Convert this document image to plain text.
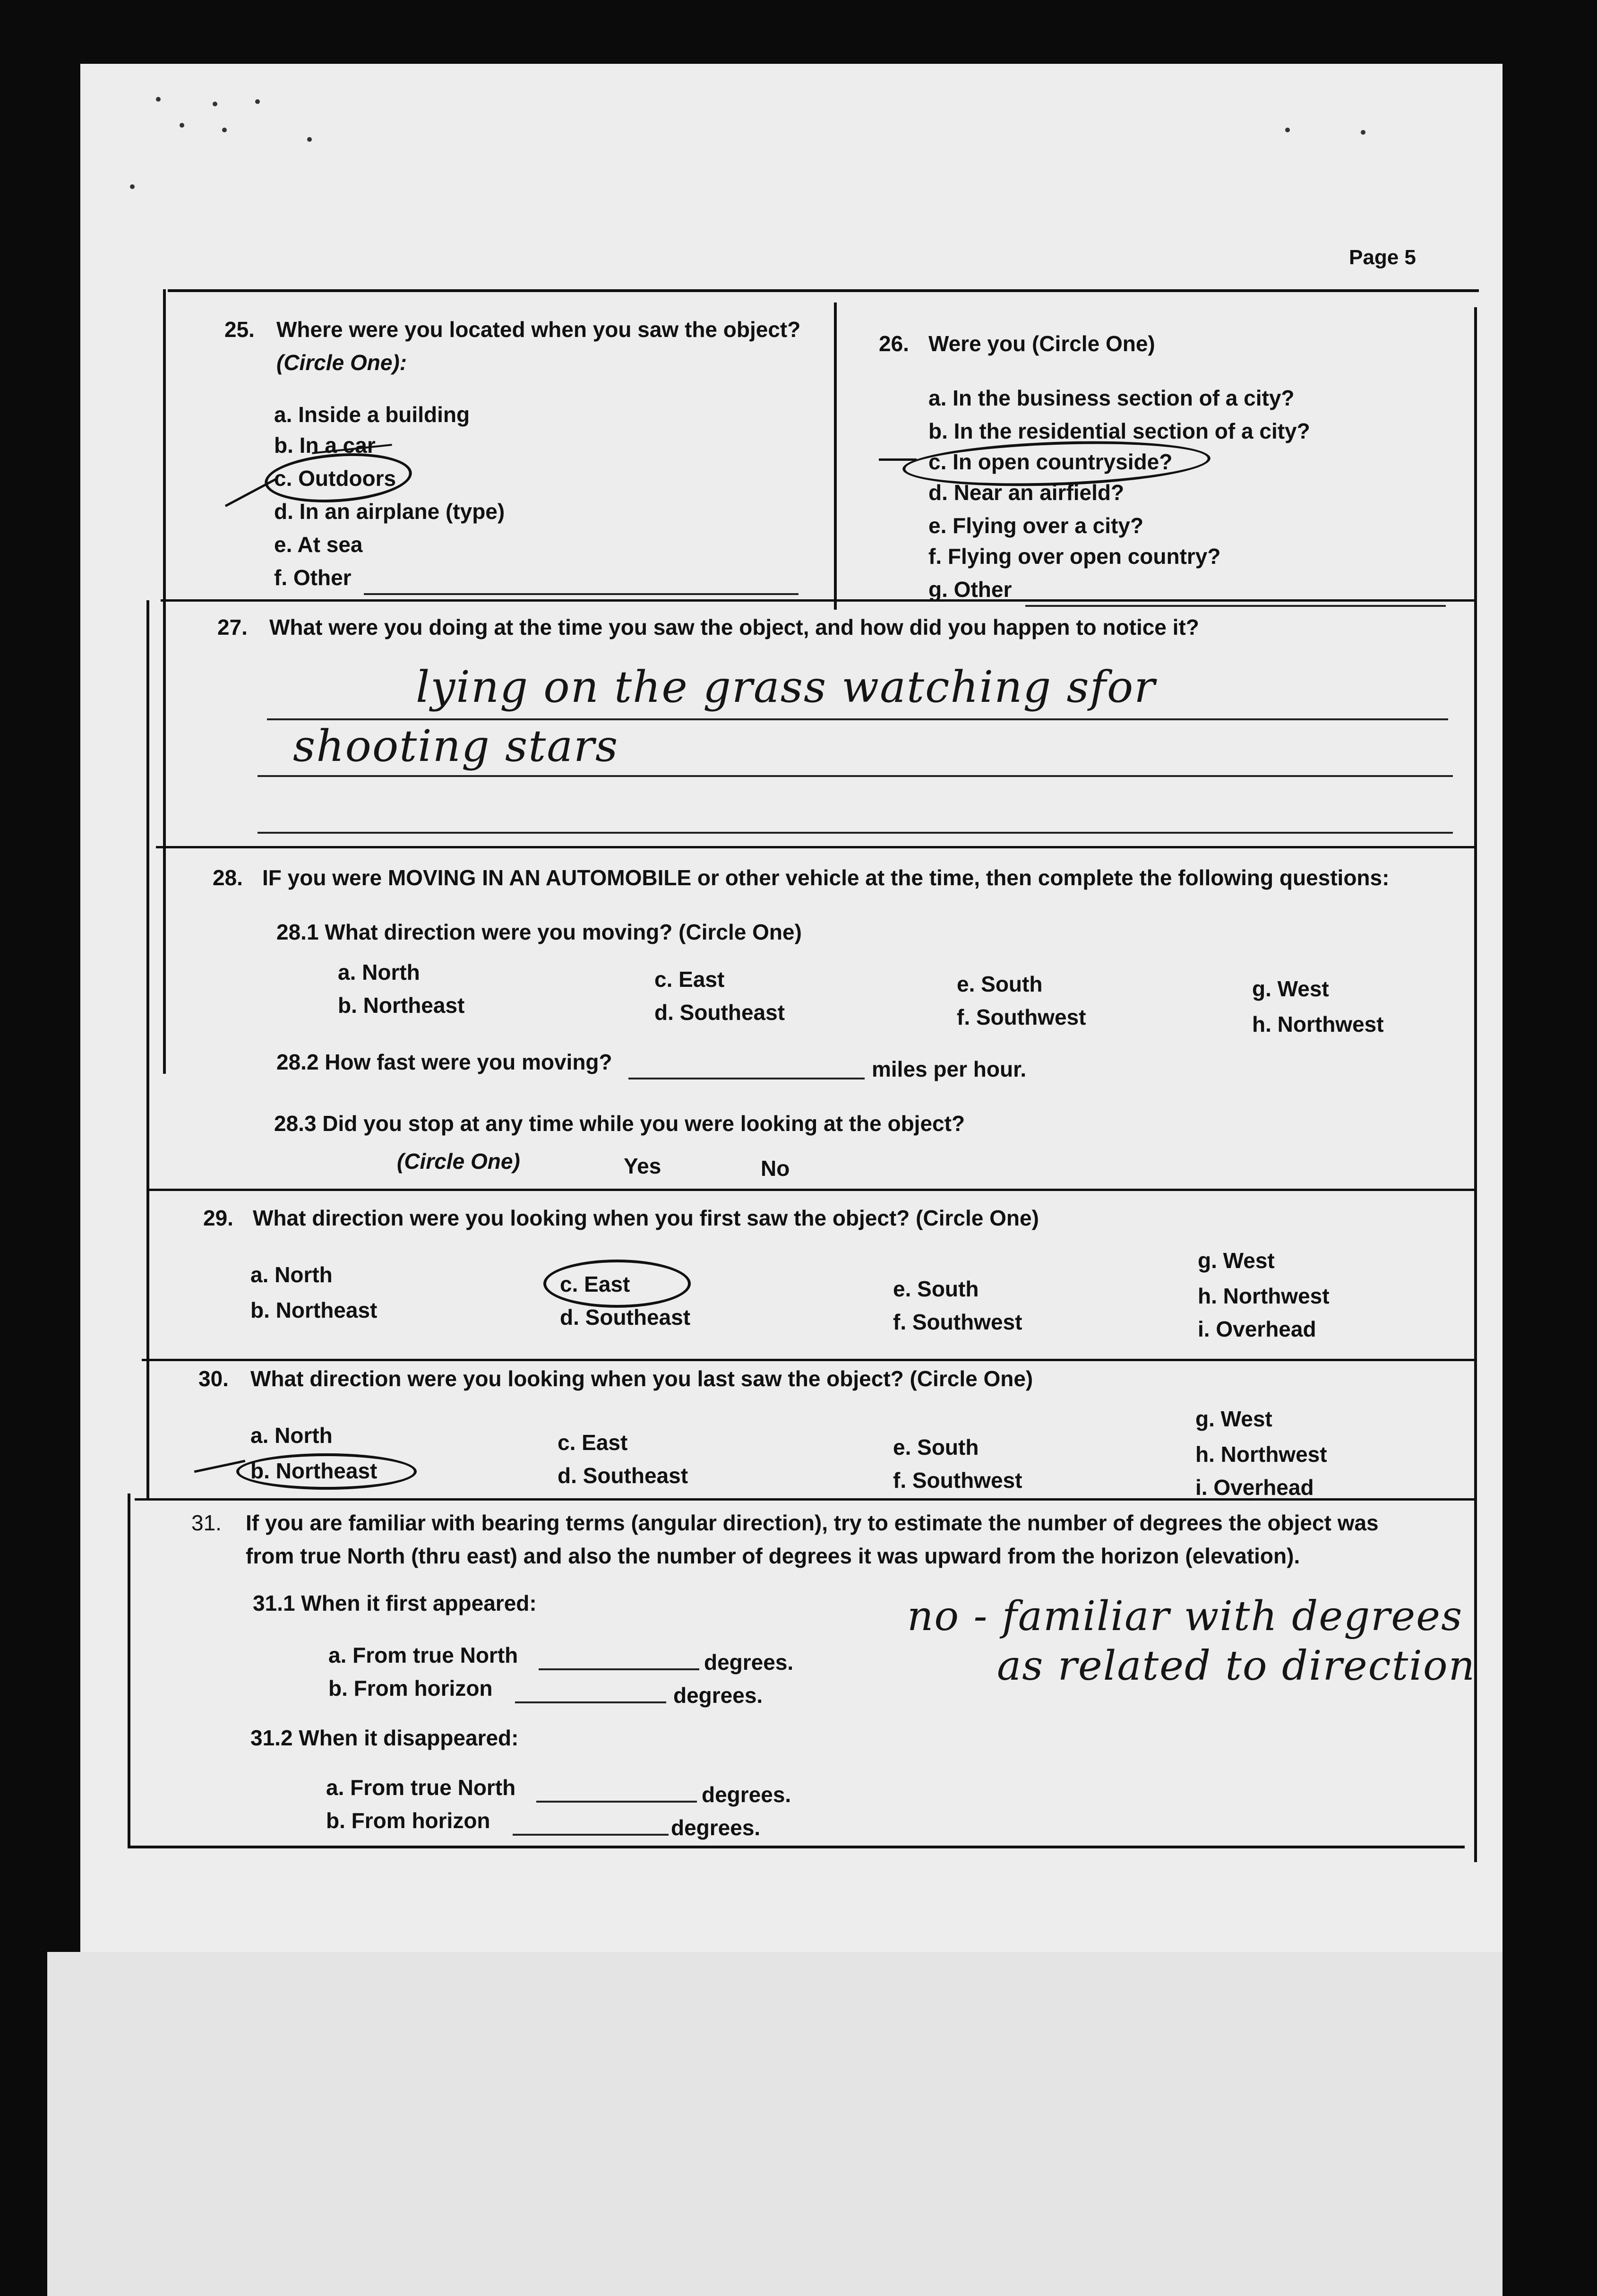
Page 5
25. Where were you located when you saw the object?
(Circle One):
a. Inside a building
b. In a car
c. Outdoors
d. In an airplane (type)
e. At sea
f. Other
26. Were you (Circle One)
a. In the business section of a city?
b. In the residential section of a city?
c. In open countryside?
d. Near an airfield?
e. Flying over a city?
f. Flying over open country?
g. Other
27. What were you doing at the time you saw the object, and how did you happen to notice it?
lying on the grass watching sfor
shooting stars
28. IF you were MOVING IN AN AUTOMOBILE or other vehicle at the time, then complete the following questions:
28.1 What direction were you moving? (Circle One)
a. North
b. Northeast
c. East
d. Southeast
e. South
f. Southwest
g. West
h. Northwest
28.2 How fast were you moving?	miles per hour.
28.3 Did you stop at any time while you were looking at the object?
(Circle One)	Yes	No
29. What direction were you looking when you first saw the object? (Circle One)
a. North
b. Northeast
c. East
d. Southeast
e. South
f. Southwest
g. West
h. Northwest
i. Overhead
30. What direction were you looking when you last saw the object? (Circle One)
a. North
b. Northeast
c. East
d. Southeast
e. South
f. Southwest
g. West
h. Northwest
i. Overhead
31. If you are familiar with bearing terms (angular direction), try to estimate the number of degrees the object was
from true North (thru east) and also the number of degrees it was upward from the horizon (elevation).
31.1 When it first appeared:
a. From true North	degrees.
b. From horizon	degrees.
31.2 When it disappeared:
a. From true North	degrees.
b. From horizon	degrees.
no - familiar with degrees
as related to direction
